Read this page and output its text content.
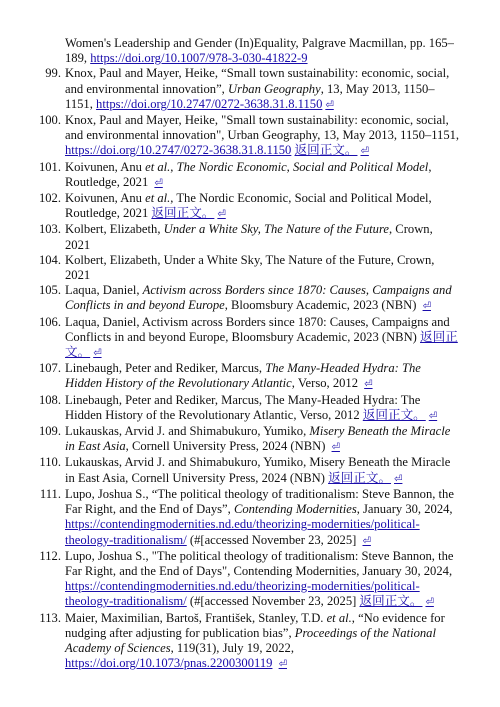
Women's Leadership and Gender (In)Equality, Palgrave Macmillan, pp. 165–189, https://doi.org/10.1007/978-3-030-41822-9
99. Knox, Paul and Mayer, Heike, “Small town sustainability: economic, social, and environmental innovation”, Urban Geography, 13, May 2013, 1150–1151, https://doi.org/10.2747/0272-3638.31.8.1150 ⏎
100. Knox, Paul and Mayer, Heike, "Small town sustainability: economic, social, and environmental innovation", Urban Geography, 13, May 2013, 1150–1151, https://doi.org/10.2747/0272-3638.31.8.1150 返回正文。 ⏎
101. Koivunen, Anu et al., The Nordic Economic, Social and Political Model, Routledge, 2021 ⏎
102. Koivunen, Anu et al., The Nordic Economic, Social and Political Model, Routledge, 2021 返回正文。 ⏎
103. Kolbert, Elizabeth, Under a White Sky, The Nature of the Future, Crown, 2021
104. Kolbert, Elizabeth, Under a White Sky, The Nature of the Future, Crown, 2021
105. Laqua, Daniel, Activism across Borders since 1870: Causes, Campaigns and Conflicts in and beyond Europe, Bloomsbury Academic, 2023 (NBN) ⏎
106. Laqua, Daniel, Activism across Borders since 1870: Causes, Campaigns and Conflicts in and beyond Europe, Bloomsbury Academic, 2023 (NBN) 返回正文。 ⏎
107. Linebaugh, Peter and Rediker, Marcus, The Many-Headed Hydra: The Hidden History of the Revolutionary Atlantic, Verso, 2012 ⏎
108. Linebaugh, Peter and Rediker, Marcus, The Many-Headed Hydra: The Hidden History of the Revolutionary Atlantic, Verso, 2012 返回正文。 ⏎
109. Lukauskas, Arvid J. and Shimabukuro, Yumiko, Misery Beneath the Miracle in East Asia, Cornell University Press, 2024 (NBN) ⏎
110. Lukauskas, Arvid J. and Shimabukuro, Yumiko, Misery Beneath the Miracle in East Asia, Cornell University Press, 2024 (NBN) 返回正文。 ⏎
111. Lupo, Joshua S., “The political theology of traditionalism: Steve Bannon, the Far Right, and the End of Days”, Contending Modernities, January 30, 2024, https://contendingmodernities.nd.edu/theorizing-modernities/political-theology-traditionalism/ (#[accessed November 23, 2025] ⏎
112. Lupo, Joshua S., "The political theology of traditionalism: Steve Bannon, the Far Right, and the End of Days", Contending Modernities, January 30, 2024, https://contendingmodernities.nd.edu/theorizing-modernities/political-theology-traditionalism/ (#[accessed November 23, 2025] 返回正文。 ⏎
113. Maier, Maximilian, Bartoš, František, Stanley, T.D. et al., “No evidence for nudging after adjusting for publication bias”, Proceedings of the National Academy of Sciences, 119(31), July 19, 2022, https://doi.org/10.1073/pnas.2200300119 ⏎
